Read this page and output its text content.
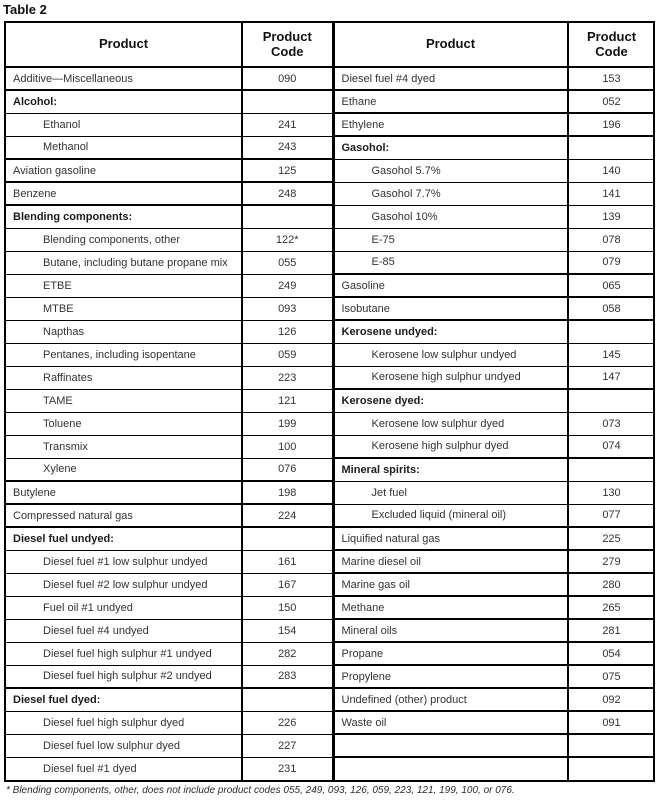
Table 2
Product	Product Code
Additive—Miscellaneous	090
Alcohol:	
Ethanol	241
Methanol	243
Aviation gasoline	125
Benzene	248
Blending components:	
Blending components, other	122*
Butane, including butane propane mix	055
ETBE	249
MTBE	093
Napthas	126
Pentanes, including isopentane	059
Raffinates	223
TAME	121
Toluene	199
Transmix	100
Xylene	076
Butylene	198
Compressed natural gas	224
Diesel fuel undyed:	
Diesel fuel #1 low sulphur undyed	161
Diesel fuel #2 low sulphur undyed	167
Fuel oil #1 undyed	150
Diesel fuel #4 undyed	154
Diesel fuel high sulphur #1 undyed	282
Diesel fuel high sulphur #2 undyed	283
Diesel fuel dyed:	
Diesel fuel high sulphur dyed	226
Diesel fuel low sulphur dyed	227
Diesel fuel #1 dyed	231
Product	Product Code
Diesel fuel #4 dyed	153
Ethane	052
Ethylene	196
Gasohol:	
Gasohol 5.7%	140
Gasohol 7.7%	141
Gasohol 10%	139
E-75	078
E-85	079
Gasoline	065
Isobutane	058
Kerosene undyed:	
Kerosene low sulphur undyed	145
Kerosene high sulphur undyed	147
Kerosene dyed:	
Kerosene low sulphur dyed	073
Kerosene high sulphur dyed	074
Mineral spirits:	
Jet fuel	130
Excluded liquid (mineral oil)	077
Liquified natural gas	225
Marine diesel oil	279
Marine gas oil	280
Methane	265
Mineral oils	281
Propane	054
Propylene	075
Undefined (other) product	092
Waste oil	091

* Blending components, other, does not include product codes 055, 249, 093, 126, 059, 223, 121, 199, 100, or 076.
